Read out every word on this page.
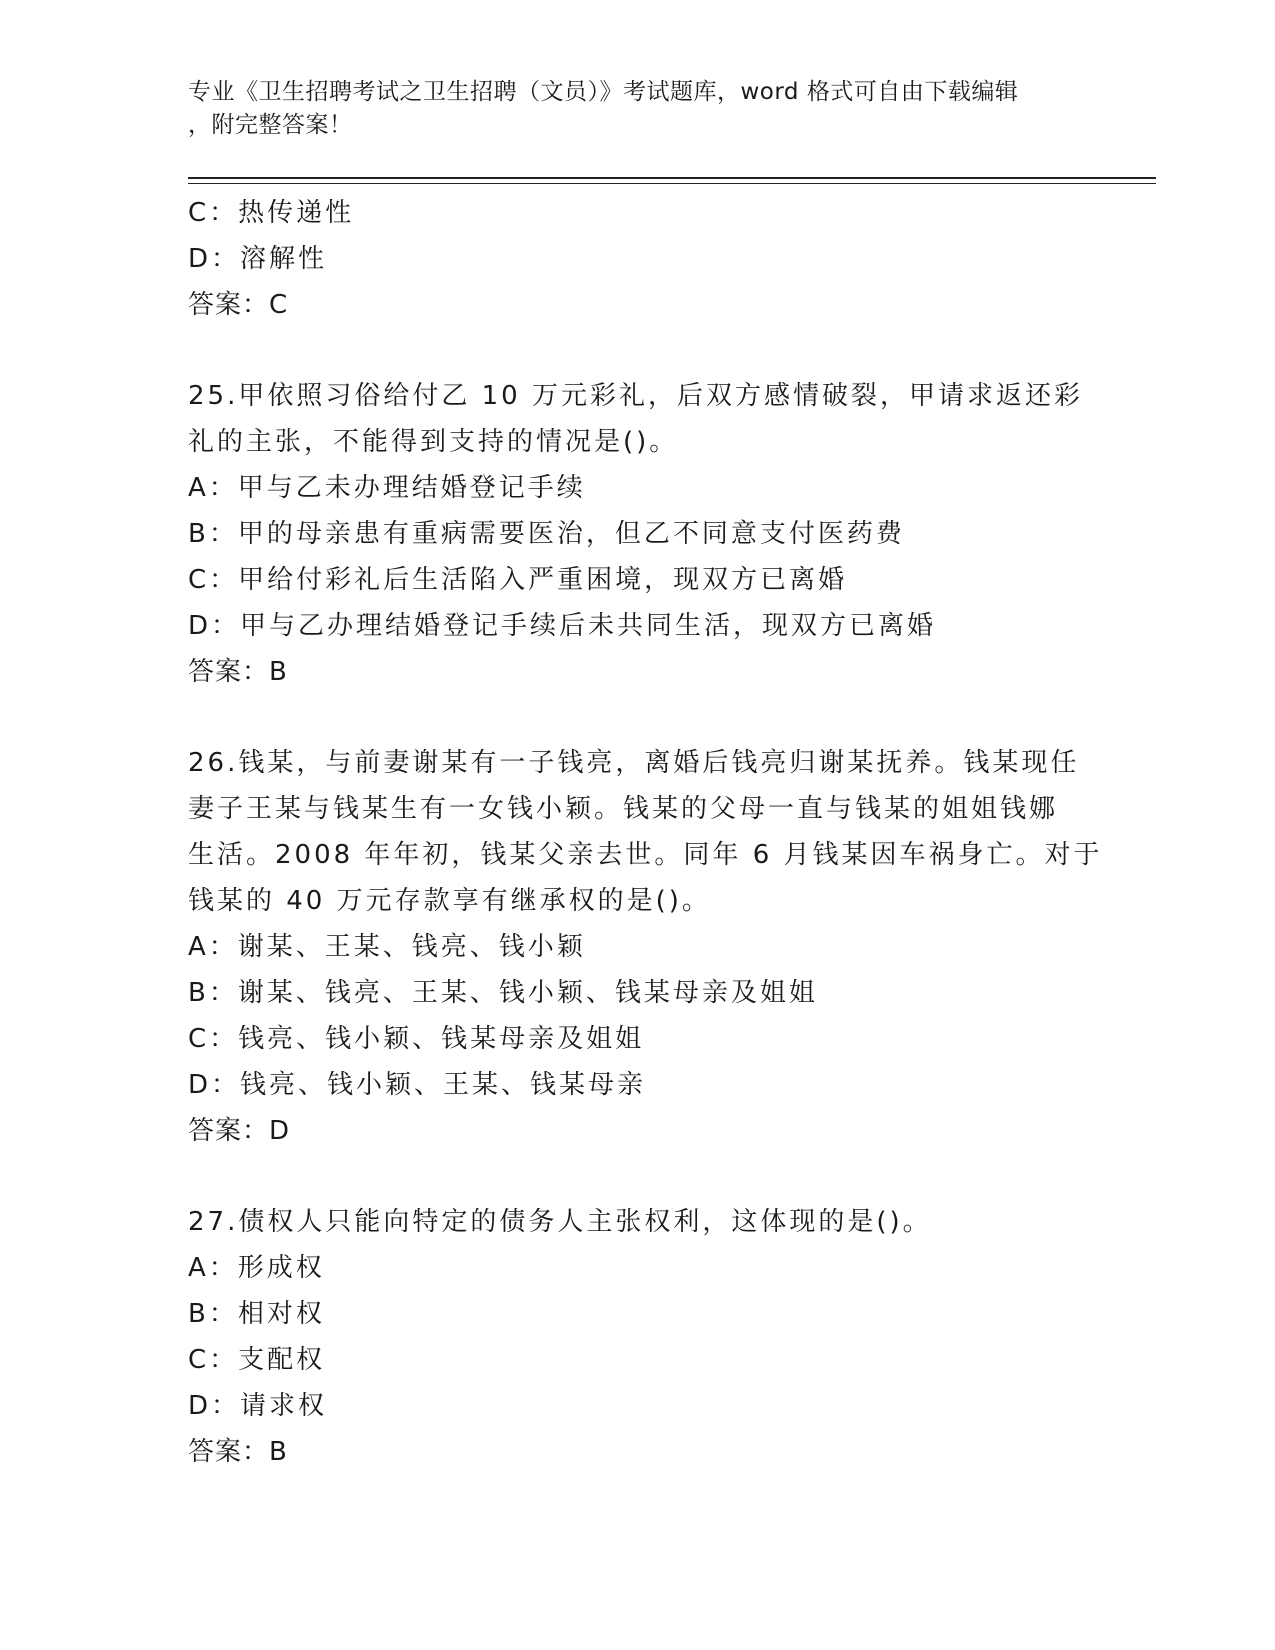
专业《卫生招聘考试之卫生招聘（文员）》考试题库，word 格式可自由下载编辑
，附完整答案！
C：热传递性
D：溶解性
答案：C
25.甲依照习俗给付乙 10 万元彩礼，后双方感情破裂，甲请求返还彩
礼的主张，不能得到支持的情况是()。
A：甲与乙未办理结婚登记手续
B：甲的母亲患有重病需要医治，但乙不同意支付医药费
C：甲给付彩礼后生活陷入严重困境，现双方已离婚
D：甲与乙办理结婚登记手续后未共同生活，现双方已离婚
答案：B
26.钱某，与前妻谢某有一子钱亮，离婚后钱亮归谢某抚养。钱某现任
妻子王某与钱某生有一女钱小颖。钱某的父母一直与钱某的姐姐钱娜
生活。2008 年年初，钱某父亲去世。同年 6 月钱某因车祸身亡。对于
钱某的 40 万元存款享有继承权的是()。
A：谢某、王某、钱亮、钱小颖
B：谢某、钱亮、王某、钱小颖、钱某母亲及姐姐
C：钱亮、钱小颖、钱某母亲及姐姐
D：钱亮、钱小颖、王某、钱某母亲
答案：D
27.债权人只能向特定的债务人主张权利，这体现的是()。
A：形成权
B：相对权
C：支配权
D：请求权
答案：B
